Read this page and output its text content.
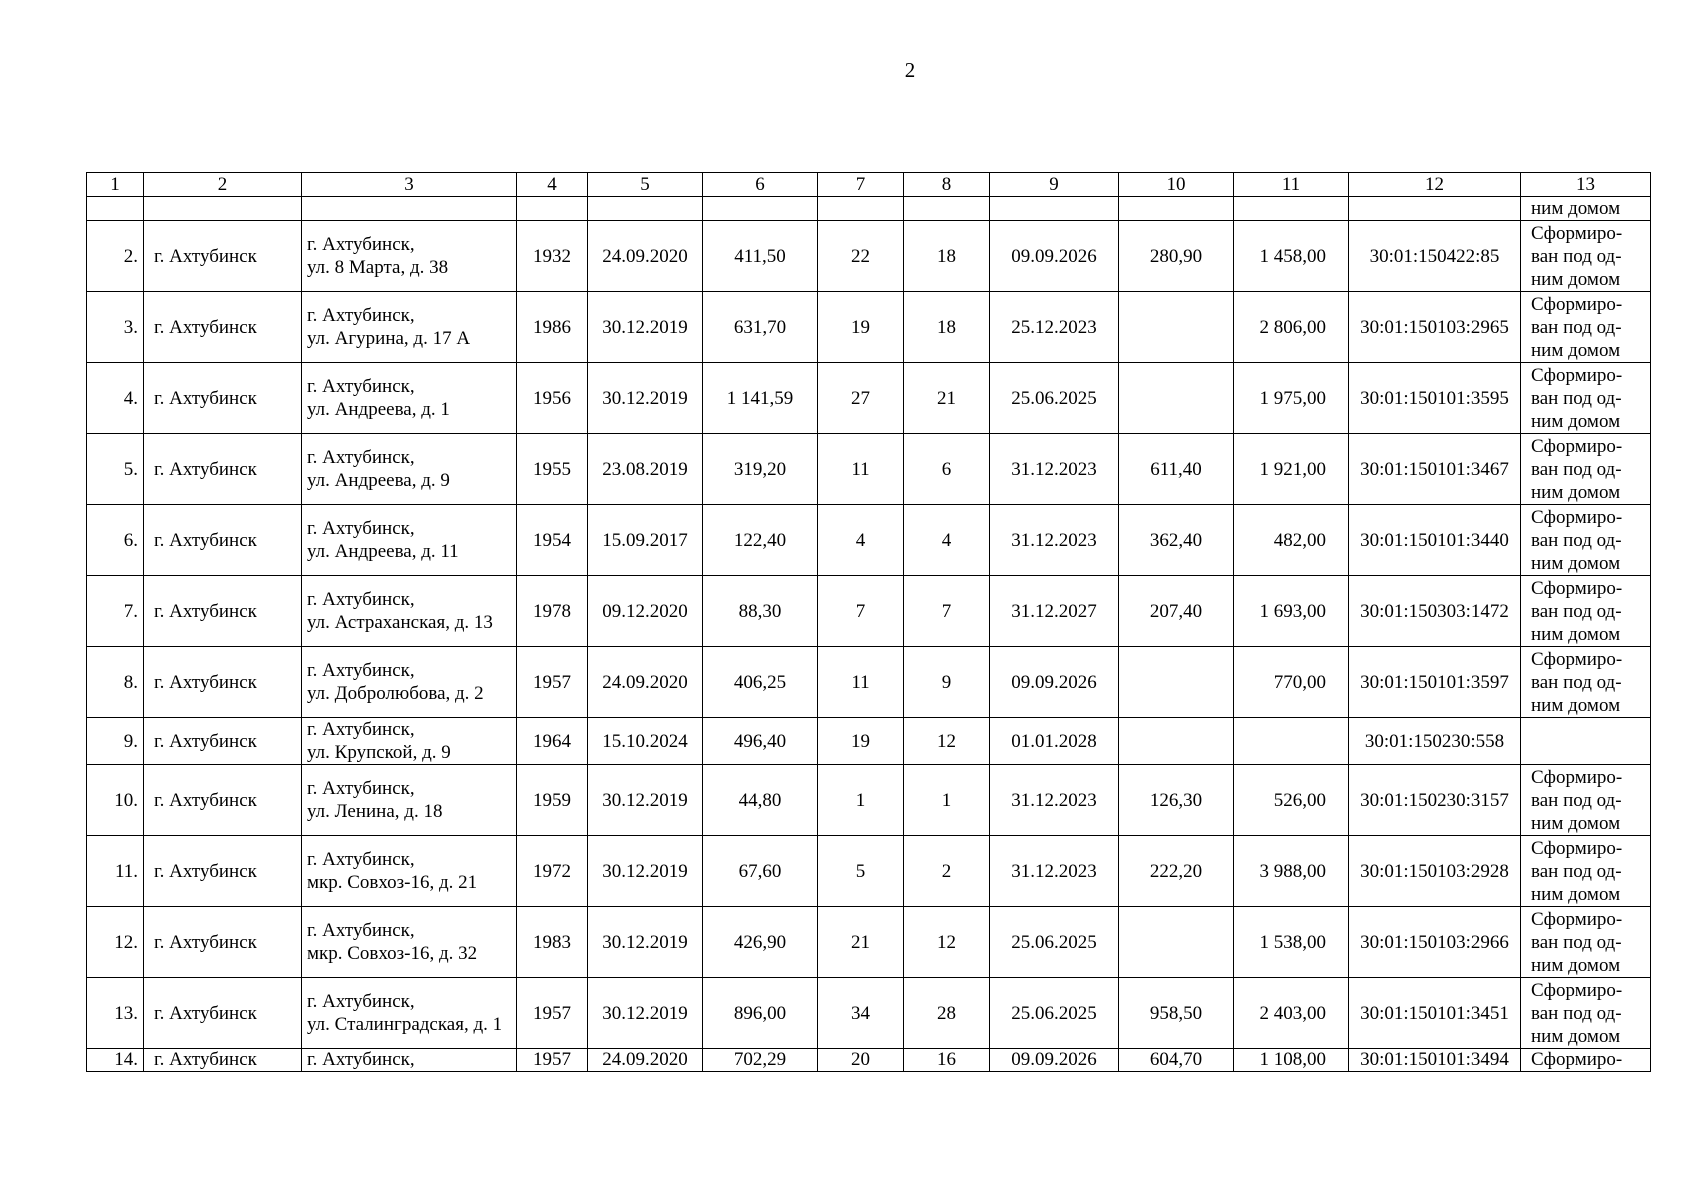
2
1	2	3	4	5	6	7	8	9	10	11	12	13
												ним домом
2.	г. Ахтубинск	г. Ахтубинск,
ул. 8 Марта, д. 38	1932	24.09.2020	411,50	22	18	09.09.2026	280,90	1 458,00	30:01:150422:85	Сформиро-
ван под од-
ним домом

3.	г. Ахтубинск	г. Ахтубинск,
ул. Агурина, д. 17 А	1986	30.12.2019	631,70	19	18	25.12.2023		2 806,00	30:01:150103:2965	Сформиро-
ван под од-
ним домом

4.	г. Ахтубинск	г. Ахтубинск,
ул. Андреева, д. 1	1956	30.12.2019	1 141,59	27	21	25.06.2025		1 975,00	30:01:150101:3595	Сформиро-
ван под од-
ним домом

5.	г. Ахтубинск	г. Ахтубинск,
ул. Андреева, д. 9	1955	23.08.2019	319,20	11	6	31.12.2023	611,40	1 921,00	30:01:150101:3467	Сформиро-
ван под од-
ним домом

6.	г. Ахтубинск	г. Ахтубинск,
ул. Андреева, д. 11	1954	15.09.2017	122,40	4	4	31.12.2023	362,40	482,00	30:01:150101:3440	Сформиро-
ван под од-
ним домом

7.	г. Ахтубинск	г. Ахтубинск,
ул. Астраханская, д. 13	1978	09.12.2020	88,30	7	7	31.12.2027	207,40	1 693,00	30:01:150303:1472	Сформиро-
ван под од-
ним домом

8.	г. Ахтубинск	г. Ахтубинск,
ул. Добролюбова, д. 2	1957	24.09.2020	406,25	11	9	09.09.2026		770,00	30:01:150101:3597	Сформиро-
ван под од-
ним домом

9.	г. Ахтубинск	г. Ахтубинск,
ул. Крупской, д. 9	1964	15.10.2024	496,40	19	12	01.01.2028			30:01:150230:558	
10.	г. Ахтубинск	г. Ахтубинск,
ул. Ленина, д. 18	1959	30.12.2019	44,80	1	1	31.12.2023	126,30	526,00	30:01:150230:3157	Сформиро-
ван под од-
ним домом

11.	г. Ахтубинск	г. Ахтубинск,
мкр. Совхоз-16, д. 21	1972	30.12.2019	67,60	5	2	31.12.2023	222,20	3 988,00	30:01:150103:2928	Сформиро-
ван под од-
ним домом

12.	г. Ахтубинск	г. Ахтубинск,
мкр. Совхоз-16, д. 32	1983	30.12.2019	426,90	21	12	25.06.2025		1 538,00	30:01:150103:2966	Сформиро-
ван под од-
ним домом

13.	г. Ахтубинск	г. Ахтубинск,
ул. Сталинградская, д. 1	1957	30.12.2019	896,00	34	28	25.06.2025	958,50	2 403,00	30:01:150101:3451	Сформиро-
ван под од-
ним домом

14.	г. Ахтубинск	г. Ахтубинск,	1957	24.09.2020	702,29	20	16	09.09.2026	604,70	1 108,00	30:01:150101:3494	Сформиро-
